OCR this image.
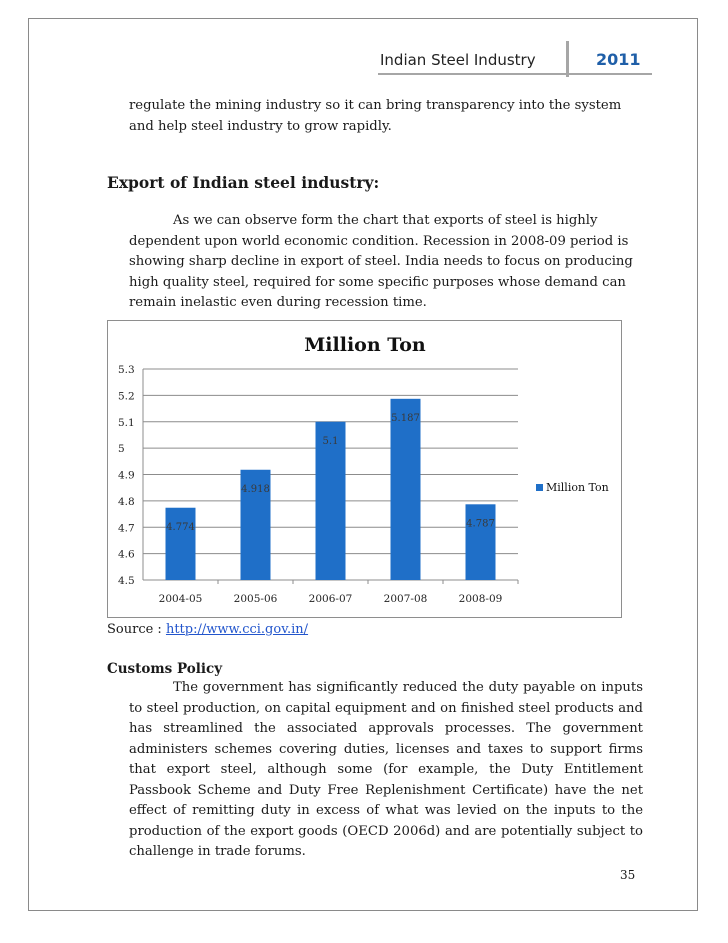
Indian Steel Industry	2011

regulate the mining industry so it can bring transparency into the system and help steel industry to grow rapidly.

Export of Indian steel industry:

As we can observe form the chart that exports of steel is highly dependent upon world economic condition. Recession in 2008-09 period is showing sharp decline in export of steel. India needs to focus on producing high quality steel, required for some specific purposes whose demand can remain inelastic even during recession time.

Million Ton
5.3
5.2
5.1
5
4.9
4.8
4.7
4.6
4.5
4.774
4.918
5.1
5.187
4.787
2004-05	2005-06	2006-07	2007-08	2008-09
Million Ton
Source : http://www.cci.gov.in/
Customs Policy

The government has significantly reduced the duty payable on inputs to steel production, on capital equipment and on finished steel products and has streamlined the associated approvals processes. The government administers schemes covering duties, licenses and taxes to support firms that export steel, although some (for example, the Duty Entitlement Passbook Scheme and Duty Free Replenishment Certificate) have the net effect of remitting duty in excess of what was levied on the inputs to the production of the export goods (OECD 2006d) and are potentially subject to challenge in trade forums.

35
